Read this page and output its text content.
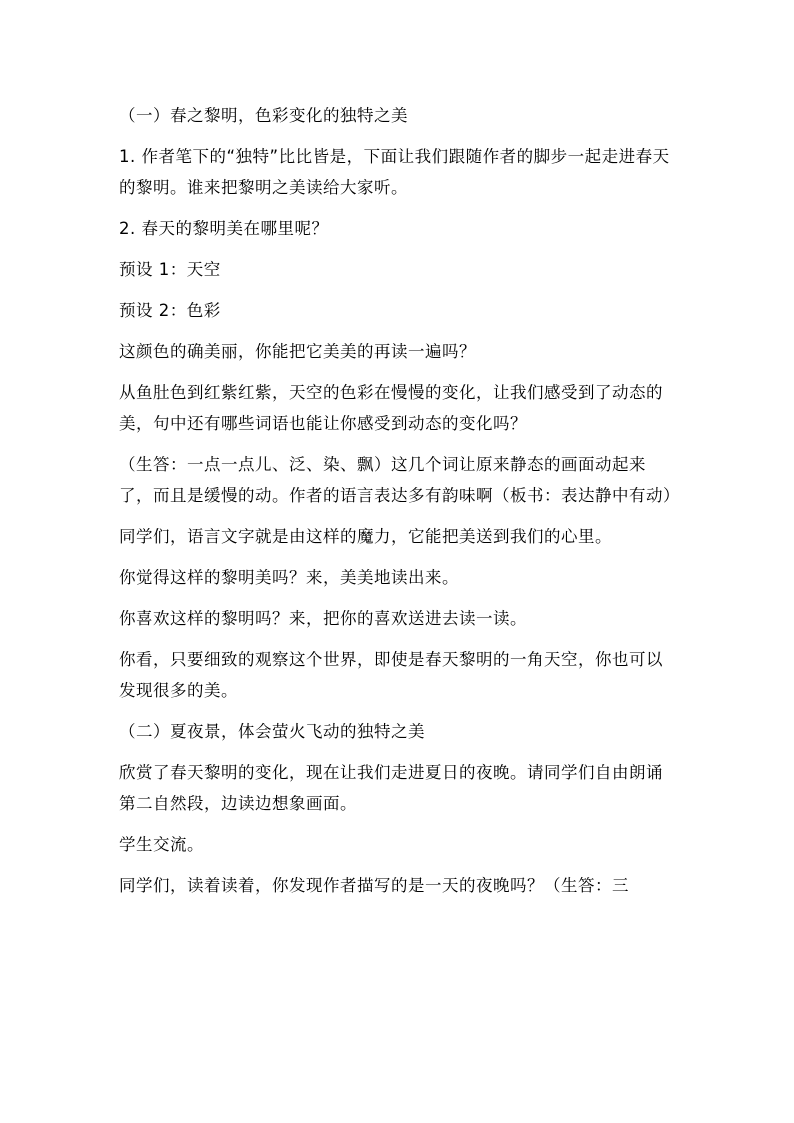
（一）春之黎明，色彩变化的独特之美

1. 作者笔下的“独特”比比皆是，下面让我们跟随作者的脚步一起走进春天的黎明。谁来把黎明之美读给大家听。

2. 春天的黎明美在哪里呢？

预设 1：天空

预设 2：色彩

这颜色的确美丽，你能把它美美的再读一遍吗？

从鱼肚色到红紫红紫，天空的色彩在慢慢的变化，让我们感受到了动态的美，句中还有哪些词语也能让你感受到动态的变化吗？

（生答：一点一点儿、泛、染、飘）这几个词让原来静态的画面动起来了，而且是缓慢的动。作者的语言表达多有韵味啊（板书：表达静中有动）

同学们，语言文字就是由这样的魔力，它能把美送到我们的心里。

你觉得这样的黎明美吗？来，美美地读出来。

你喜欢这样的黎明吗？来，把你的喜欢送进去读一读。

你看，只要细致的观察这个世界，即使是春天黎明的一角天空，你也可以发现很多的美。

（二）夏夜景，体会萤火飞动的独特之美

欣赏了春天黎明的变化，现在让我们走进夏日的夜晚。请同学们自由朗诵第二自然段，边读边想象画面。

学生交流。

同学们，读着读着，你发现作者描写的是一天的夜晚吗？（生答：三
